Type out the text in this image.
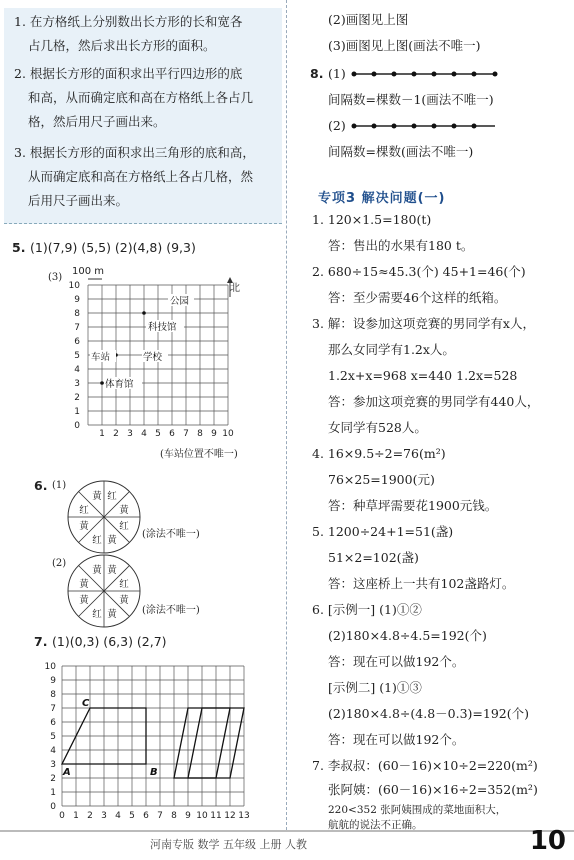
1. 在方格纸上分别数出长方形的长和宽各
占几格，然后求出长方形的面积。
2. 根据长方形的面积求出平行四边形的底
和高，从而确定底和高在方格纸上各占几
格，然后用尺子画出来。
3. 根据长方形的面积求出三角形的底和高，
从而确定底和高在方格纸上各占几格，然
后用尺子画出来。
5. (1)(7,9) (5,5) (2)(4,8) (9,3)
(3)
100 m
北
0
1
2
3
4
5
6
7
8
9
10
1 2 3 4 5 6 7 8 9 10
公园
科技馆
车站	学校
体育馆
(车站位置不唯一)
6. (1)
黄 红
黄
红
黄
红
黄
红
(涂法不唯一)
(2)
黄 黄
红
黄
黄
红
黄
黄
(涂法不唯一)
7. (1)(0,3) (6,3) (2,7)
0
1
2
3
4
5
6
7
8
9
10
0 1 2 3 4 5 6 7 8 9 10 11 12 13
A	B
C
(2)画图见上图
(3)画图见上图(画法不唯一)
8. (1)
间隔数=棵数－1(画法不唯一)
(2)
间隔数=棵数(画法不唯一)
专项3 解决问题(一)
1. 120×1.5=180(t)
答：售出的水果有180 t。
2. 680÷15≈45.3(个) 45+1=46(个)
答：至少需要46个这样的纸箱。
3. 解：设参加这项竞赛的男同学有x人，
那么女同学有1.2x人。
1.2x+x=968 x=440 1.2x=528
答：参加这项竞赛的男同学有440人，
女同学有528人。
4. 16×9.5÷2=76(m²)
76×25=1900(元)
答：种草坪需要花1900元钱。
5. 1200÷24+1=51(盏)
51×2=102(盏)
答：这座桥上一共有102盏路灯。
6. [示例一] (1)①②
(2)180×4.8÷4.5=192(个)
答：现在可以做192个。
[示例二] (1)①③
(2)180×4.8÷(4.8－0.3)=192(个)
答：现在可以做192个。
7. 李叔叔：(60－16)×10÷2=220(m²)
张阿姨：(60－16)×16÷2=352(m²)
220<352 张阿姨围成的菜地面积大，
航航的说法不正确。
河南专版 数学 五年级 上册 人教	10
